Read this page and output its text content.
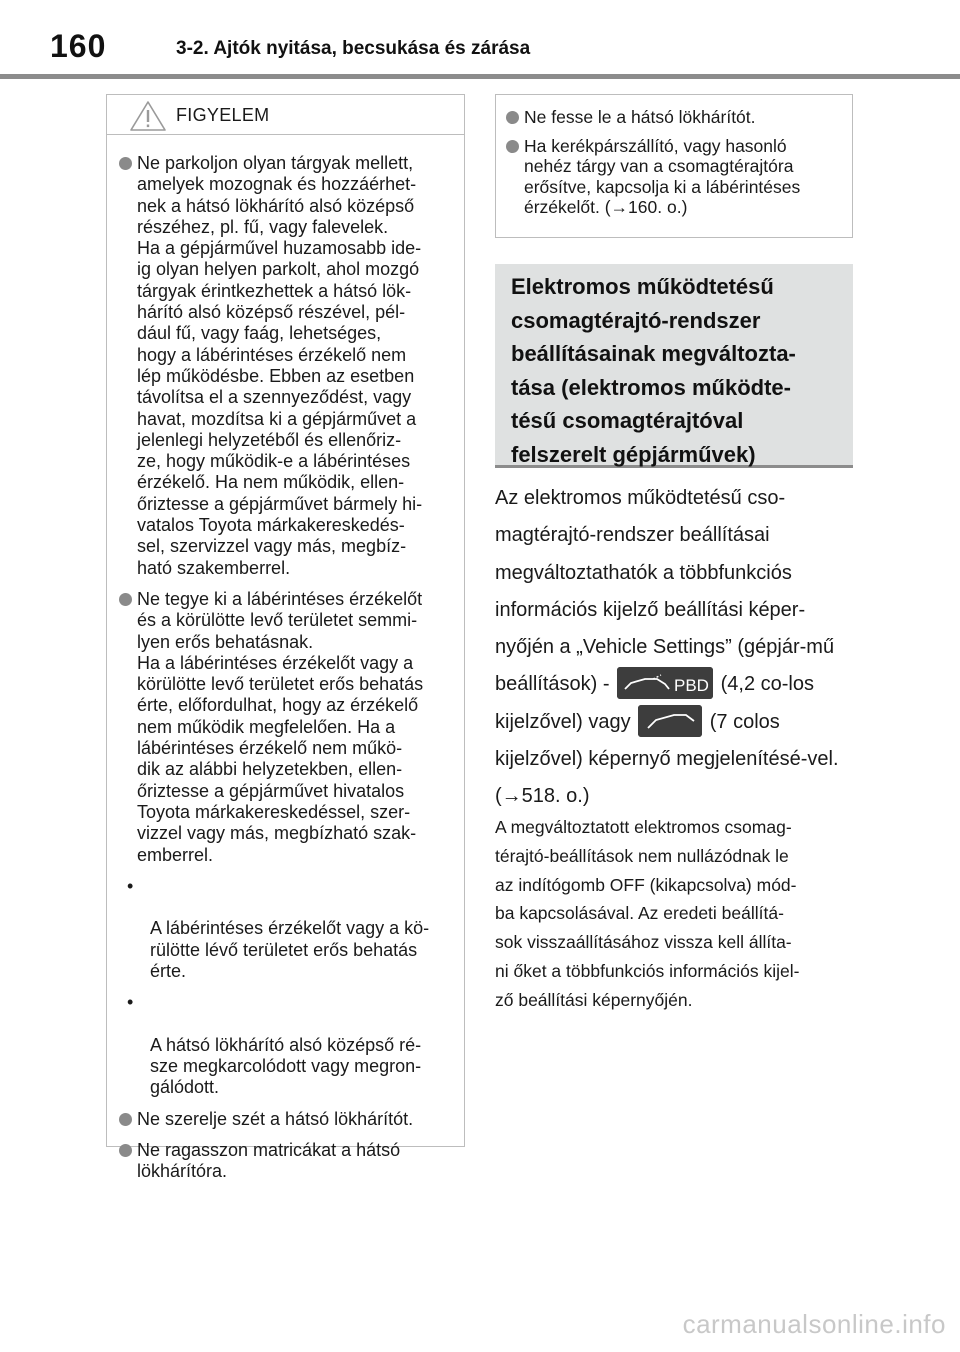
160	3-2. Ajtók nyitása, becsukása és zárása
FIGYELEM
Ne parkoljon olyan tárgyak mellett,
amelyek mozognak és hozzáérhet-
nek a hátsó lökhárító alsó középső
részéhez, pl. fű, vagy falevelek.
Ha a gépjárművel huzamosabb ide-
ig olyan helyen parkolt, ahol mozgó
tárgyak érintkezhettek a hátsó lök-
hárító alsó középső részével, pél-
dául fű, vagy faág, lehetséges,
hogy a lábérintéses érzékelő nem
lép működésbe. Ebben az esetben
távolítsa el a szennyeződést, vagy
havat, mozdítsa ki a gépjárművet a
jelenlegi helyzetéből és ellenőriz-
ze, hogy működik-e a lábérintéses
érzékelő. Ha nem működik, ellen-
őriztesse a gépjárművet bármely hi-
vatalos Toyota márkakereskedés-
sel, szervizzel vagy más, megbíz-
ható szakemberrel.
Ne tegye ki a lábérintéses érzékelőt
és a körülötte levő területet semmi-
lyen erős behatásnak.
Ha a lábérintéses érzékelőt vagy a
körülötte levő területet erős behatás
érte, előfordulhat, hogy az érzékelő
nem működik megfelelően. Ha a
lábérintéses érzékelő nem műkö-
dik az alábbi helyzetekben, ellen-
őriztesse a gépjárművet hivatalos
Toyota márkakereskedéssel, szer-
vizzel vagy más, megbízható szak-
emberrel.

•

A lábérintéses érzékelőt vagy a kö-
rülötte lévő területet erős behatás
érte.

•

A hátsó lökhárító alsó középső ré-
sze megkarcolódott vagy megron-
gálódott.

Ne szerelje szét a hátsó lökhárítót.
Ne ragasszon matricákat a hátsó
lökhárítóra.
Ne fesse le a hátsó lökhárítót.
Ha kerékpárszállító, vagy hasonló
nehéz tárgy van a csomagtérajtóra
erősítve, kapcsolja ki a lábérintéses
érzékelőt. (→160. o.)
Elektromos működtetésű
csomagtérajtó-rendszer
beállításainak megváltozta-
tása (elektromos működte-
tésű csomagtérajtóval
felszerelt gépjárművek)
Az elektromos működtetésű cso-magtérajtó-rendszer beállításai megváltoztathatók a többfunkciós információs kijelző beállítási képer-nyőjén a „Vehicle Settings” (gépjár-mű beállítások) -	PBD (4,2 co-los kijelzővel) vagy	(7 colos kijelzővel) képernyő megjelenítésé-vel. (→518. o.)
A megváltoztatott elektromos csomag-
térajtó-beállítások nem nullázódnak le
az indítógomb OFF (kikapcsolva) mód-
ba kapcsolásával. Az eredeti beállítá-
sok visszaállításához vissza kell állíta-
ni őket a többfunkciós információs kijel-
ző beállítási képernyőjén.
carmanualsonline.info
